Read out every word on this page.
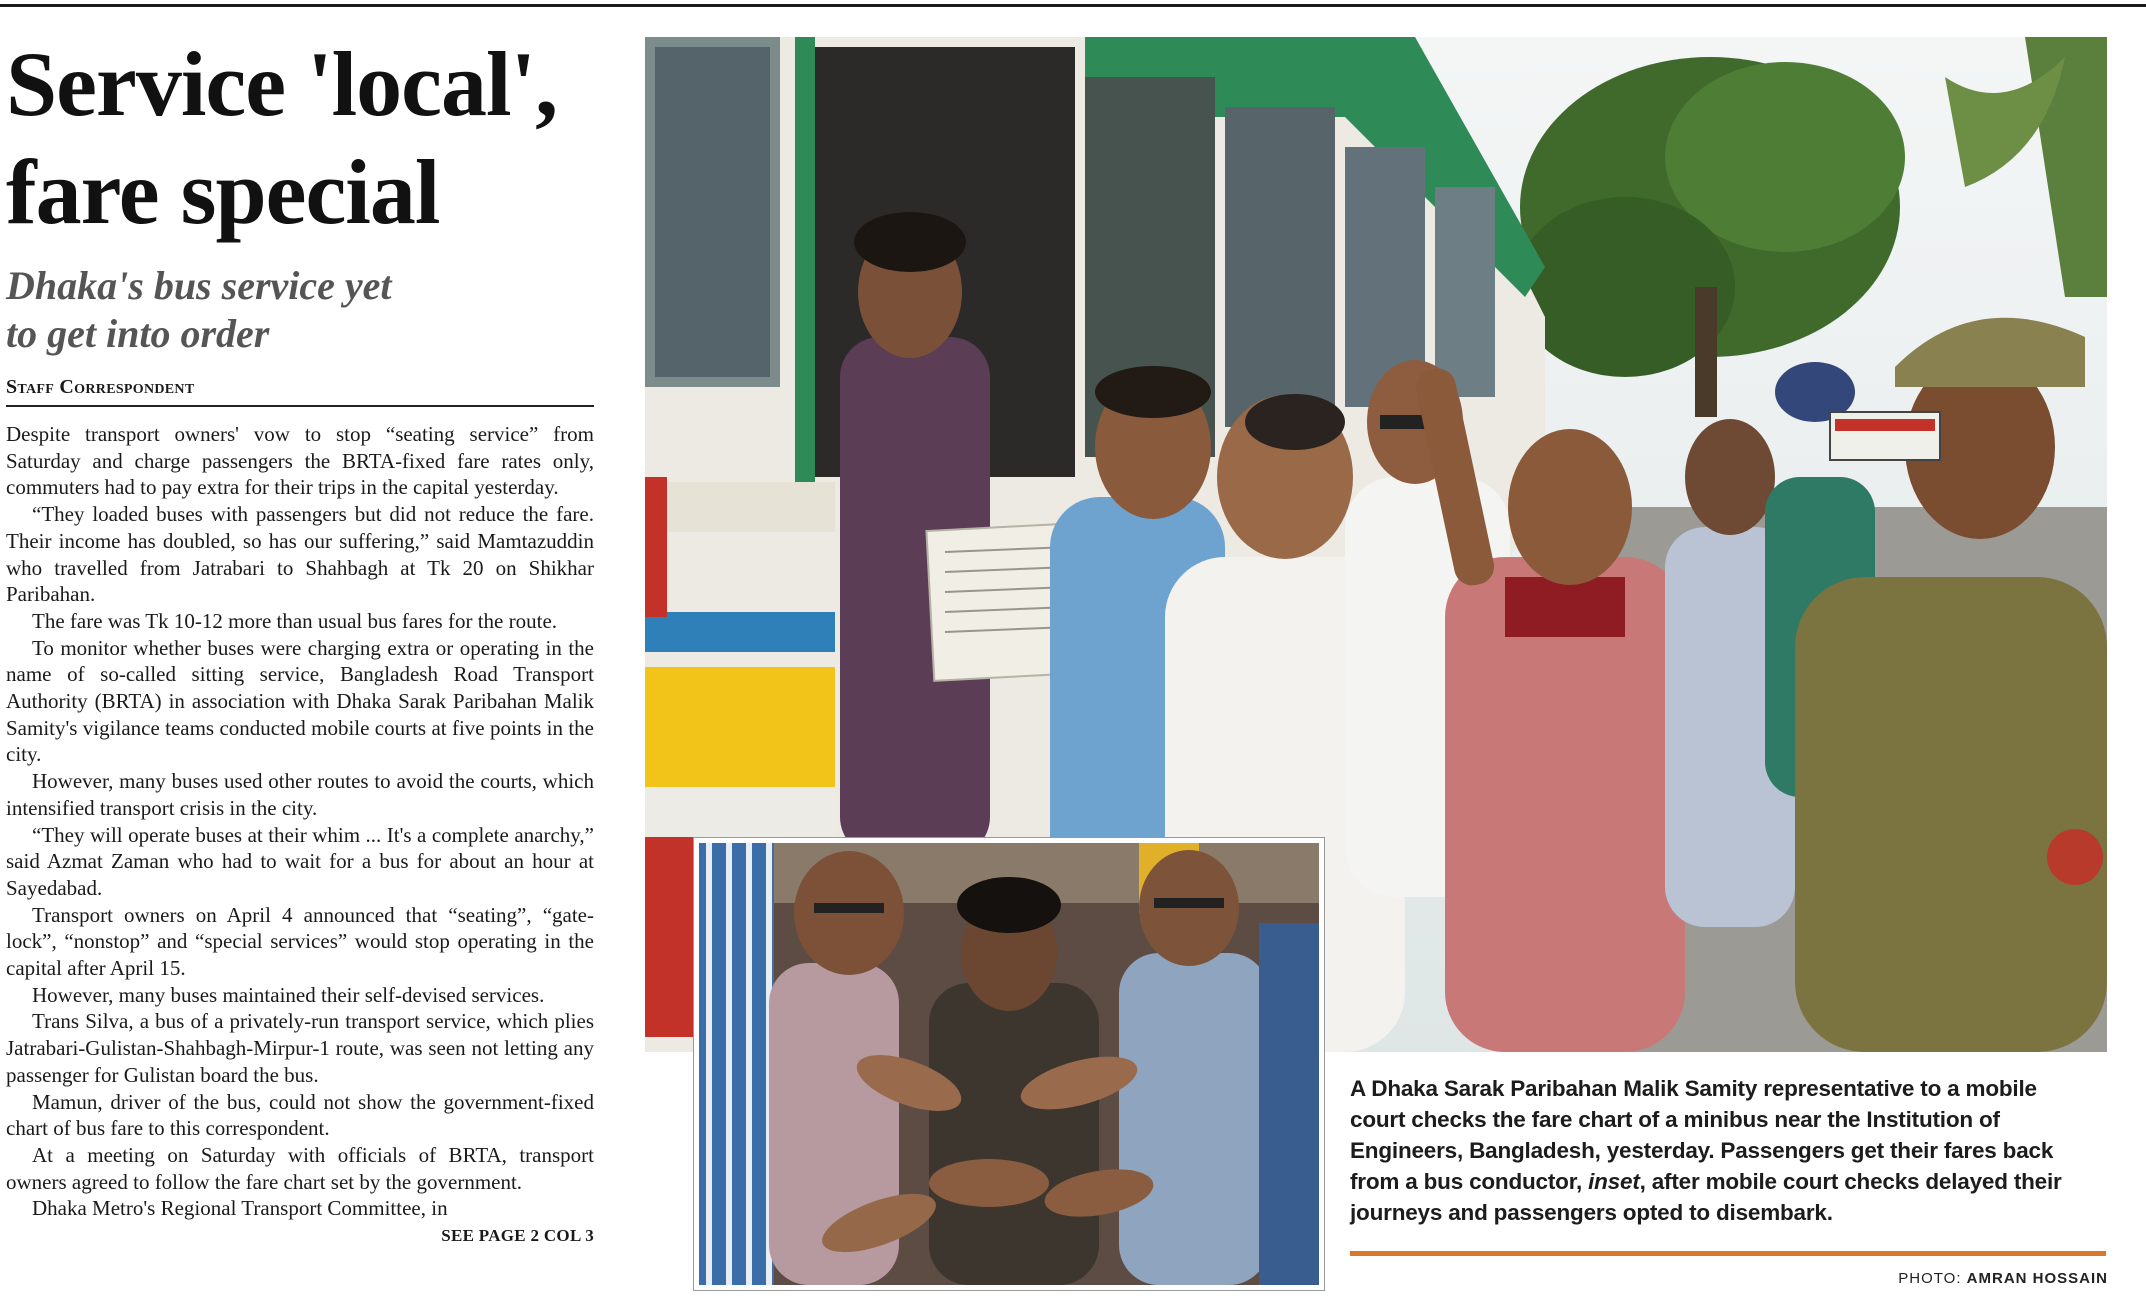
Service 'local',
fare special
Dhaka's bus service yet
to get into order
Staff Correspondent

Despite transport owners' vow to stop “seating service” from Saturday and charge passengers the BRTA-fixed fare rates only, commuters had to pay extra for their trips in the capital yesterday.

“They loaded buses with passengers but did not reduce the fare. Their income has doubled, so has our suffering,” said Mamtazuddin who travelled from Jatrabari to Shahbagh at Tk 20 on Shikhar Paribahan.

The fare was Tk 10-12 more than usual bus fares for the route.

To monitor whether buses were charging extra or operating in the name of so-called sitting service, Bangladesh Road Transport Authority (BRTA) in association with Dhaka Sarak Paribahan Malik Samity's vigilance teams conducted mobile courts at five points in the city.

However, many buses used other routes to avoid the courts, which intensified transport crisis in the city.

“They will operate buses at their whim ... It's a complete anarchy,” said Azmat Zaman who had to wait for a bus for about an hour at Sayedabad.

Transport owners on April 4 announced that “seating”, “gate-lock”, “nonstop” and “special services” would stop operating in the capital after April 15.

However, many buses maintained their self-devised services.

Trans Silva, a bus of a privately-run transport service, which plies Jatrabari-Gulistan-Shahbagh-Mirpur-1 route, was seen not letting any passenger for Gulistan board the bus.

Mamun, driver of the bus, could not show the government-fixed chart of bus fare to this correspondent.

At a meeting on Saturday with officials of BRTA, transport owners agreed to follow the fare chart set by the government.

Dhaka Metro's Regional Transport Committee, in

SEE PAGE 2 COL 3
A Dhaka Sarak Paribahan Malik Samity representative to a mobile court checks the fare chart of a minibus near the Institution of Engineers, Bangladesh, yesterday. Passengers get their fares back from a bus conductor, inset, after mobile court checks delayed their journeys and passengers opted to disembark.
PHOTO: AMRAN HOSSAIN
